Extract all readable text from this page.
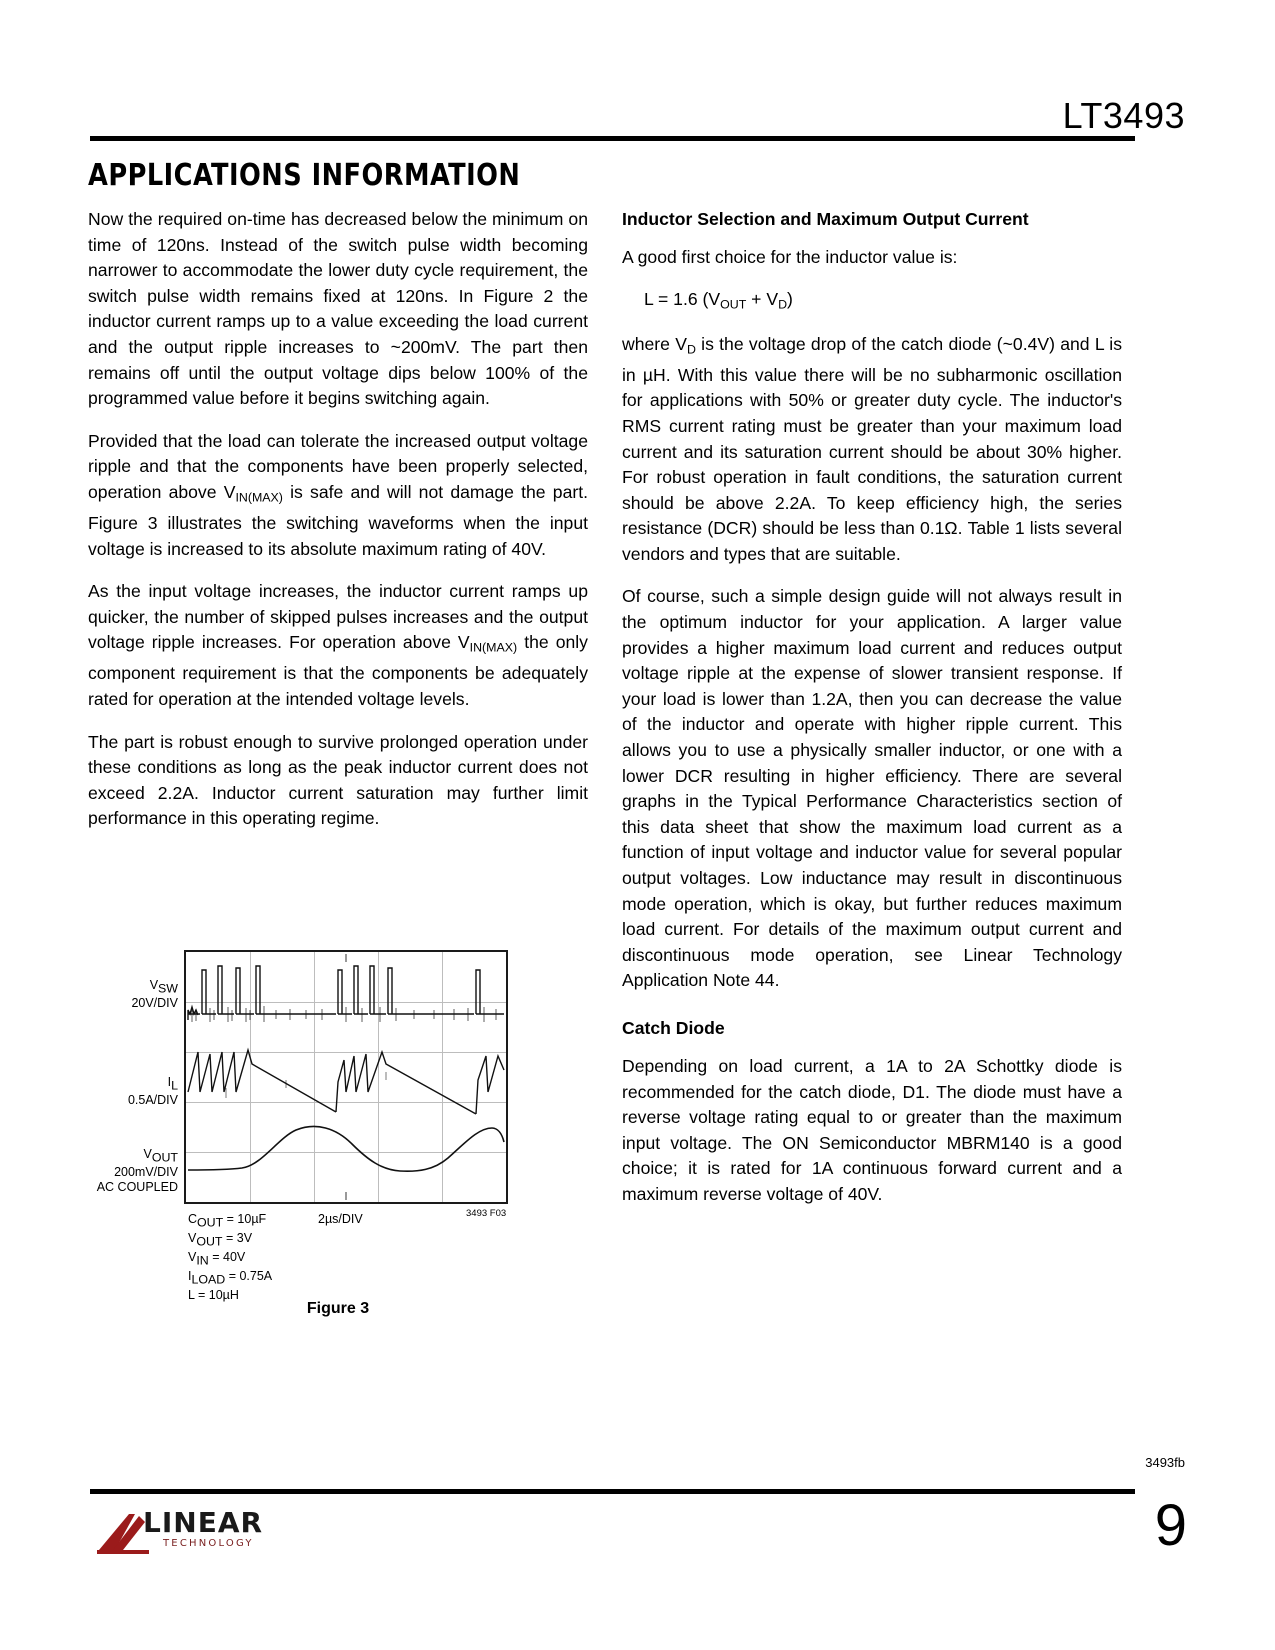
LT3493
APPLICATIONS INFORMATION

Now the required on-time has decreased below the minimum on time of 120ns. Instead of the switch pulse width becoming narrower to accommodate the lower duty cycle requirement, the switch pulse width remains fixed at 120ns. In Figure 2 the inductor current ramps up to a value exceeding the load current and the output ripple increases to ~200mV. The part then remains off until the output voltage dips below 100% of the programmed value before it begins switching again.

Provided that the load can tolerate the increased output voltage ripple and that the components have been properly selected, operation above $V_{IN(MAX)}$ is safe and will not damage the part. Figure 3 illustrates the switching waveforms when the input voltage is increased to its absolute maximum rating of 40V.

As the input voltage increases, the inductor current ramps up quicker, the number of skipped pulses increases and the output voltage ripple increases. For operation above $V_{IN(MAX)}$ the only component requirement is that the components be adequately rated for operation at the intended voltage levels.

The part is robust enough to survive prolonged operation under these conditions as long as the peak inductor current does not exceed 2.2A. Inductor current saturation may further limit performance in this operating regime.

$V_{SW}$
20V/DIV
$I_L$
0.5A/DIV
$V_{OUT}$
200mV/DIV
AC COUPLED
$C_{OUT} = 10\mu F$
$V_{OUT} = 3V$
$V_{IN} = 40V$
$I_{LOAD} = 0.75A$
L = 10µH
2µs/DIV	3493 F03
Figure 3
Inductor Selection and Maximum Output Current

A good first choice for the inductor value is:

L = 1.6 $(V_{OUT} + V_D)$

where $V_D$ is the voltage drop of the catch diode (~0.4V) and L is in µH. With this value there will be no subharmonic oscillation for applications with 50% or greater duty cycle. The inductor's RMS current rating must be greater than your maximum load current and its saturation current should be about 30% higher. For robust operation in fault conditions, the saturation current should be above 2.2A. To keep efficiency high, the series resistance (DCR) should be less than 0.1Ω. Table 1 lists several vendors and types that are suitable.

Of course, such a simple design guide will not always result in the optimum inductor for your application. A larger value provides a higher maximum load current and reduces output voltage ripple at the expense of slower transient response. If your load is lower than 1.2A, then you can decrease the value of the inductor and operate with higher ripple current. This allows you to use a physically smaller inductor, or one with a lower DCR resulting in higher efficiency. There are several graphs in the Typical Performance Characteristics section of this data sheet that show the maximum load current as a function of input voltage and inductor value for several popular output voltages. Low inductance may result in discontinuous mode operation, which is okay, but further reduces maximum load current. For details of the maximum output current and discontinuous mode operation, see Linear Technology Application Note 44.

Catch Diode

Depending on load current, a 1A to 2A Schottky diode is recommended for the catch diode, D1. The diode must have a reverse voltage rating equal to or greater than the maximum input voltage. The ON Semiconductor MBRM140 is a good choice; it is rated for 1A continuous forward current and a maximum reverse voltage of 40V.

3493fb
9
LINEAR
TECHNOLOGY
